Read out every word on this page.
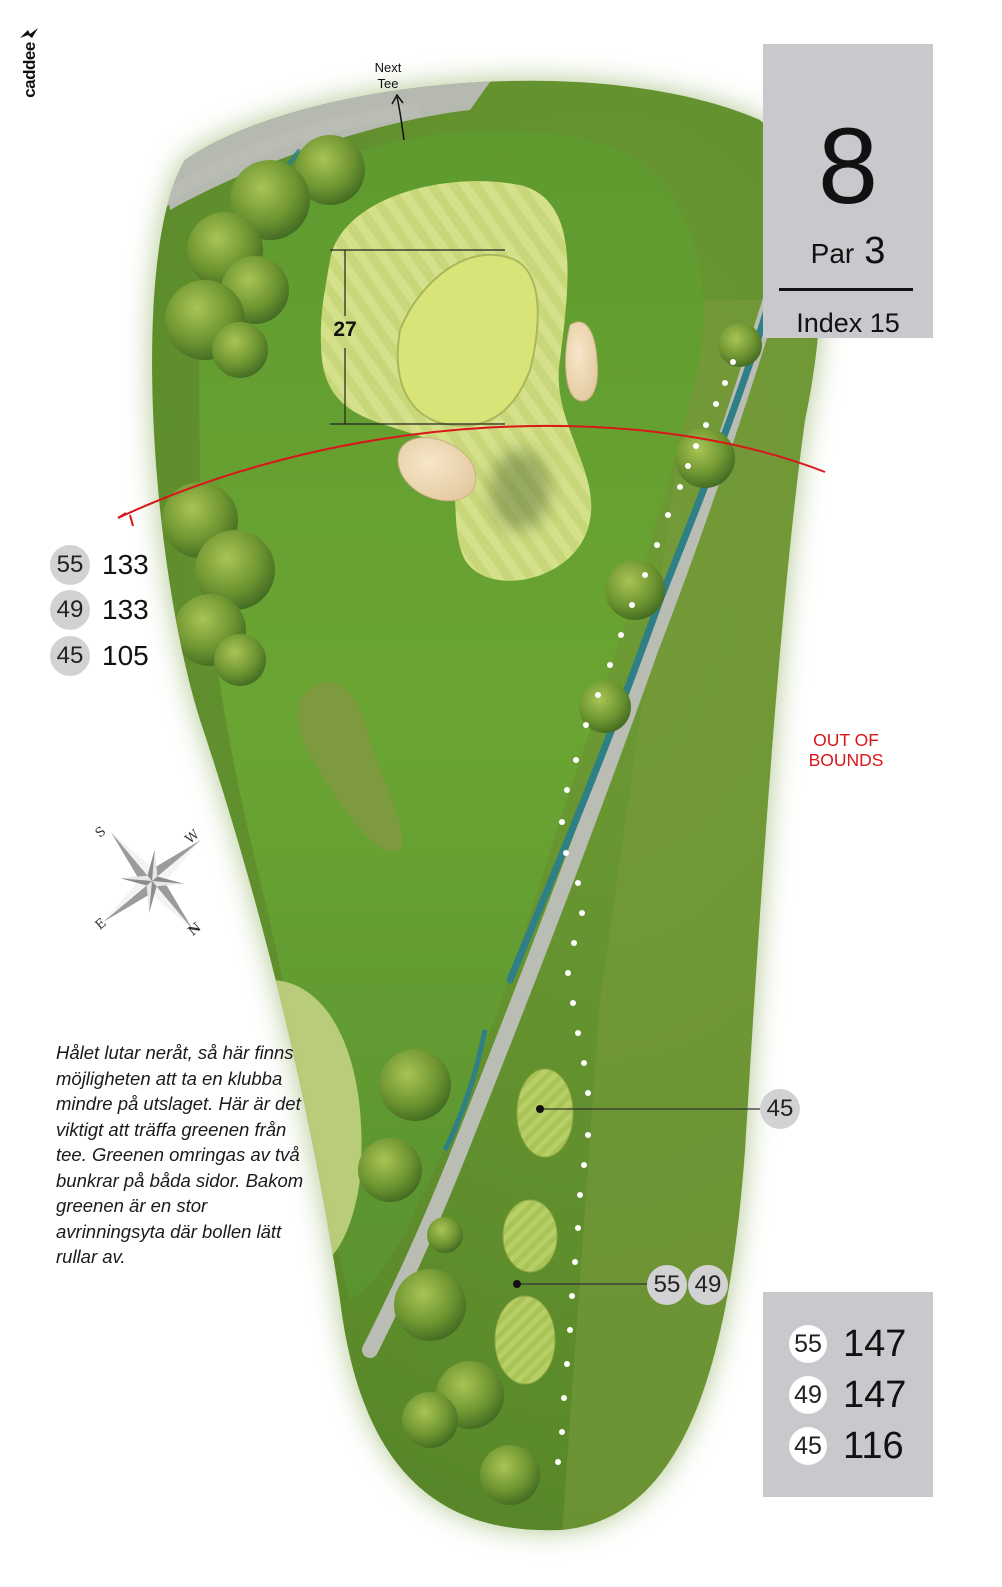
S	W
E	N
caddee
8
Par 3
Index 15
55 133
49 133
45 105
Next
Tee
27
OUT OF
BOUNDS
45
55 49
Hålet lutar neråt, så här finns möjligheten att ta en klubba mindre på utslaget. Här är det viktigt att träffa greenen från tee. Greenen omringas av två bunkrar på båda sidor. Bakom greenen är en stor avrinningsyta där bollen lätt rullar av.
55 147
49 147
45 116
